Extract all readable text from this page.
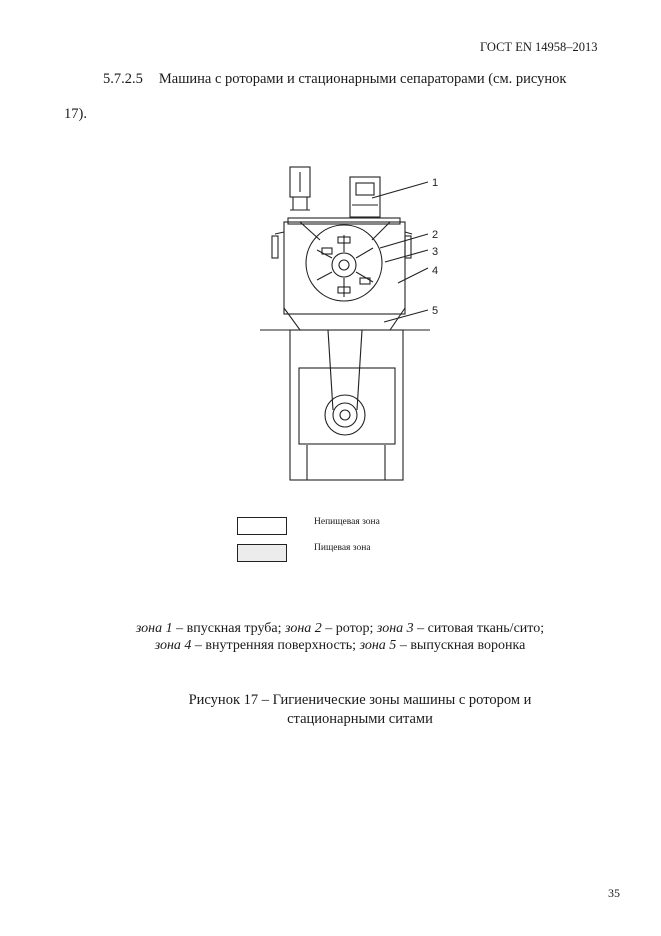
ГОСТ EN 14958–2013
5.7.2.5 Машина с роторами и стационарными сепараторами (см. рисунок
17).
1
2
3
4
5
Непищевая зона
Пищевая зона
зона 1 – впускная труба; зона 2 – ротор; зона 3 – ситовая ткань/сито;
зона 4 – внутренняя поверхность; зона 5 – выпускная воронка
Рисунок 17 – Гигиенические зоны машины с ротором и
стационарными ситами
35
